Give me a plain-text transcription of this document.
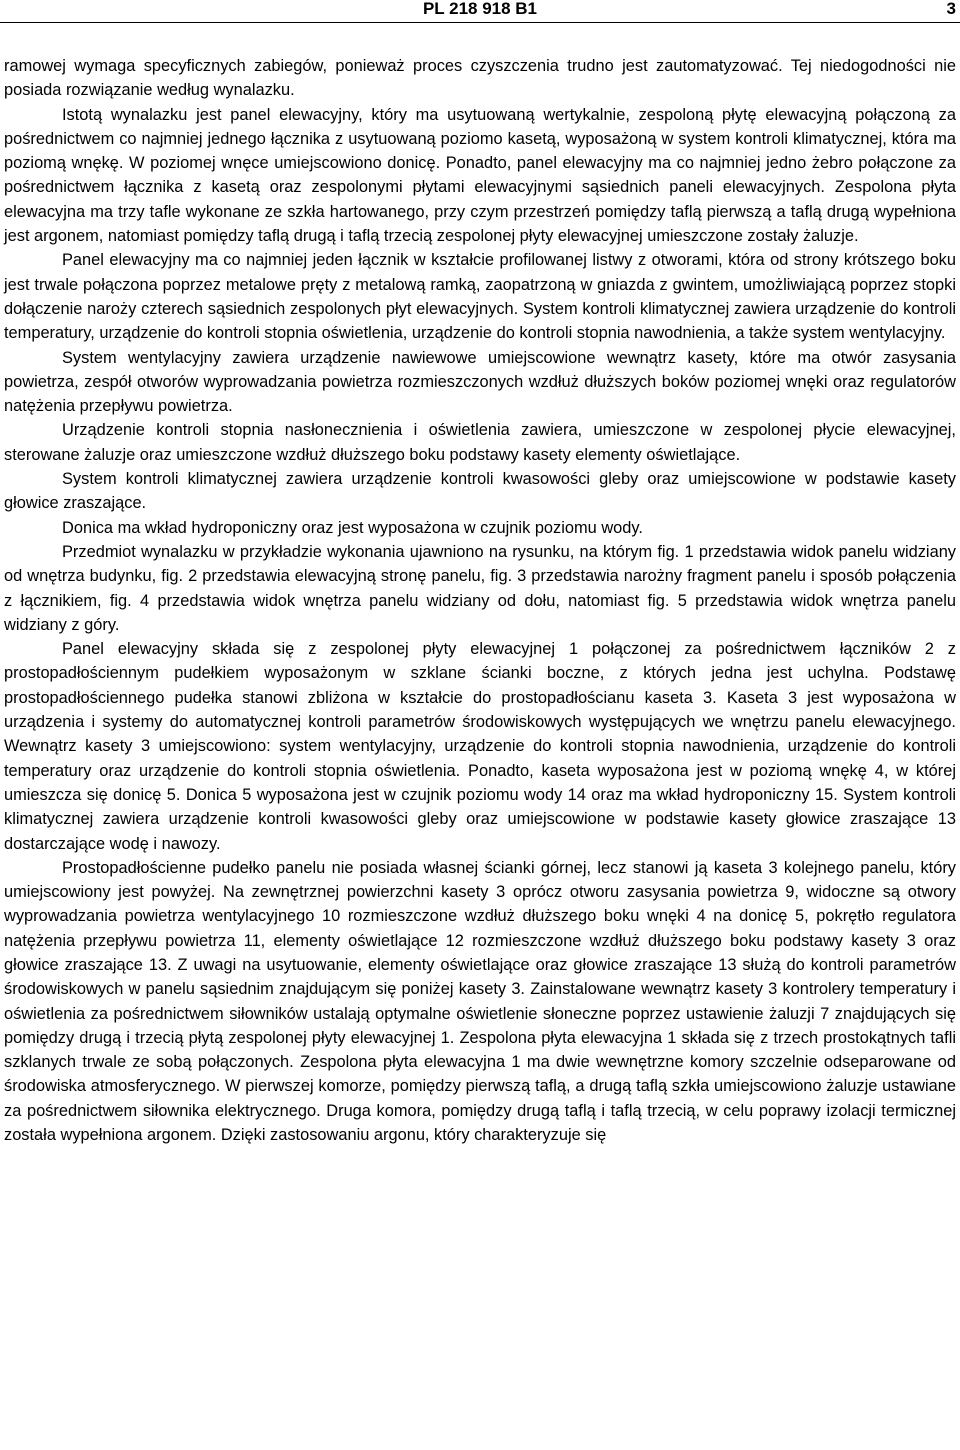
PL 218 918 B1	3

ramowej wymaga specyficznych zabiegów, ponieważ proces czyszczenia trudno jest zautomatyzować. Tej niedogodności nie posiada rozwiązanie według wynalazku.

Istotą wynalazku jest panel elewacyjny, który ma usytuowaną wertykalnie, zespoloną płytę elewacyjną połączoną za pośrednictwem co najmniej jednego łącznika z usytuowaną poziomo kasetą, wyposażoną w system kontroli klimatycznej, która ma poziomą wnękę. W poziomej wnęce umiejscowiono donicę. Ponadto, panel elewacyjny ma co najmniej jedno żebro połączone za pośrednictwem łącznika z kasetą oraz zespolonymi płytami elewacyjnymi sąsiednich paneli elewacyjnych. Zespolona płyta elewacyjna ma trzy tafle wykonane ze szkła hartowanego, przy czym przestrzeń pomiędzy taflą pierwszą a taflą drugą wypełniona jest argonem, natomiast pomiędzy taflą drugą i taflą trzecią zespolonej płyty elewacyjnej umieszczone zostały żaluzje.

Panel elewacyjny ma co najmniej jeden łącznik w kształcie profilowanej listwy z otworami, która od strony krótszego boku jest trwale połączona poprzez metalowe pręty z metalową ramką, zaopatrzoną w gniazda z gwintem, umożliwiającą poprzez stopki dołączenie naroży czterech sąsiednich zespolonych płyt elewacyjnych. System kontroli klimatycznej zawiera urządzenie do kontroli temperatury, urządzenie do kontroli stopnia oświetlenia, urządzenie do kontroli stopnia nawodnienia, a także system wentylacyjny.

System wentylacyjny zawiera urządzenie nawiewowe umiejscowione wewnątrz kasety, które ma otwór zasysania powietrza, zespół otworów wyprowadzania powietrza rozmieszczonych wzdłuż dłuższych boków poziomej wnęki oraz regulatorów natężenia przepływu powietrza.

Urządzenie kontroli stopnia nasłonecznienia i oświetlenia zawiera, umieszczone w zespolonej płycie elewacyjnej, sterowane żaluzje oraz umieszczone wzdłuż dłuższego boku podstawy kasety elementy oświetlające.

System kontroli klimatycznej zawiera urządzenie kontroli kwasowości gleby oraz umiejscowione w podstawie kasety głowice zraszające.

Donica ma wkład hydroponiczny oraz jest wyposażona w czujnik poziomu wody.

Przedmiot wynalazku w przykładzie wykonania ujawniono na rysunku, na którym fig. 1 przedstawia widok panelu widziany od wnętrza budynku, fig. 2 przedstawia elewacyjną stronę panelu, fig. 3 przedstawia narożny fragment panelu i sposób połączenia z łącznikiem, fig. 4 przedstawia widok wnętrza panelu widziany od dołu, natomiast fig. 5 przedstawia widok wnętrza panelu widziany z góry.

Panel elewacyjny składa się z zespolonej płyty elewacyjnej 1 połączonej za pośrednictwem łączników 2 z prostopadłościennym pudełkiem wyposażonym w szklane ścianki boczne, z których jedna jest uchylna. Podstawę prostopadłościennego pudełka stanowi zbliżona w kształcie do prostopadłościanu kaseta 3. Kaseta 3 jest wyposażona w urządzenia i systemy do automatycznej kontroli parametrów środowiskowych występujących we wnętrzu panelu elewacyjnego. Wewnątrz kasety 3 umiejscowiono: system wentylacyjny, urządzenie do kontroli stopnia nawodnienia, urządzenie do kontroli temperatury oraz urządzenie do kontroli stopnia oświetlenia. Ponadto, kaseta wyposażona jest w poziomą wnękę 4, w której umieszcza się donicę 5. Donica 5 wyposażona jest w czujnik poziomu wody 14 oraz ma wkład hydroponiczny 15. System kontroli klimatycznej zawiera urządzenie kontroli kwasowości gleby oraz umiejscowione w podstawie kasety głowice zraszające 13 dostarczające wodę i nawozy.

Prostopadłościenne pudełko panelu nie posiada własnej ścianki górnej, lecz stanowi ją kaseta 3 kolejnego panelu, który umiejscowiony jest powyżej. Na zewnętrznej powierzchni kasety 3 oprócz otworu zasysania powietrza 9, widoczne są otwory wyprowadzania powietrza wentylacyjnego 10 rozmieszczone wzdłuż dłuższego boku wnęki 4 na donicę 5, pokrętło regulatora natężenia przepływu powietrza 11, elementy oświetlające 12 rozmieszczone wzdłuż dłuższego boku podstawy kasety 3 oraz głowice zraszające 13. Z uwagi na usytuowanie, elementy oświetlające oraz głowice zraszające 13 służą do kontroli parametrów środowiskowych w panelu sąsiednim znajdującym się poniżej kasety 3. Zainstalowane wewnątrz kasety 3 kontrolery temperatury i oświetlenia za pośrednictwem siłowników ustalają optymalne oświetlenie słoneczne poprzez ustawienie żaluzji 7 znajdujących się pomiędzy drugą i trzecią płytą zespolonej płyty elewacyjnej 1. Zespolona płyta elewacyjna 1 składa się z trzech prostokątnych tafli szklanych trwale ze sobą połączonych. Zespolona płyta elewacyjna 1 ma dwie wewnętrzne komory szczelnie odseparowane od środowiska atmosferycznego. W pierwszej komorze, pomiędzy pierwszą taflą, a drugą taflą szkła umiejscowiono żaluzje ustawiane za pośrednictwem siłownika elektrycznego. Druga komora, pomiędzy drugą taflą i taflą trzecią, w celu poprawy izolacji termicznej została wypełniona argonem. Dzięki zastosowaniu argonu, który charakteryzuje się
